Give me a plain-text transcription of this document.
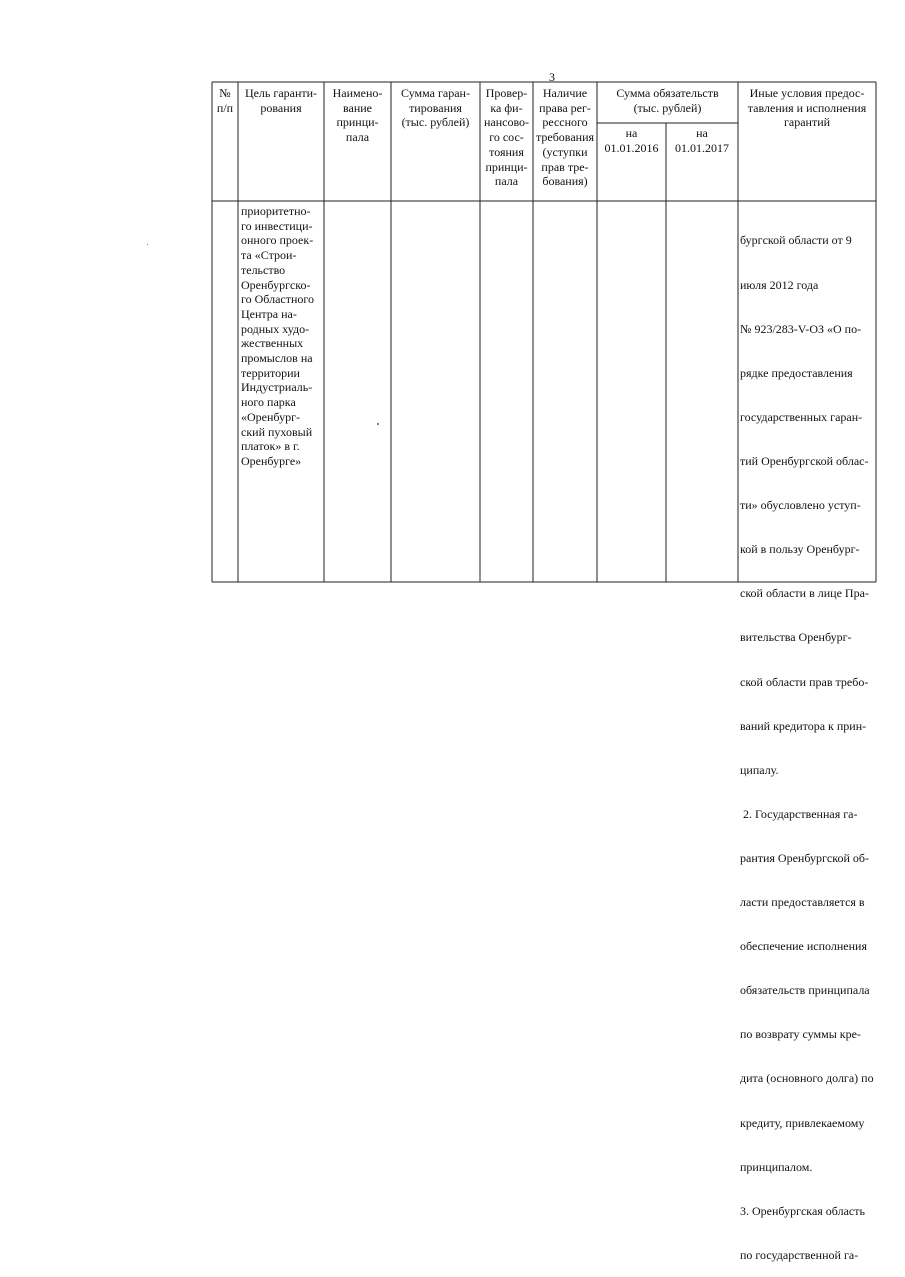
3
№
п/п
Цель гаранти-
рования
Наимено-
вание
принци-
пала
Сумма гаран-
тирования
(тыс. рублей)
Провер-
ка фи-
нансово-
го сос-
тояния
принци-
пала
Наличие
права рег-
рессного
требования
(уступки
прав тре-
бования)
Сумма обязательств
(тыс. рублей)
на
01.01.2016
на
01.01.2017
Иные условия предос-
тавления и исполнения
гарантий
приоритетно-
го инвестици-
онного проек-
та «Строи-
тельство
Оренбургско-
го Областного
Центра на-
родных худо-
жественных
промыслов на
территории
Индустриаль-
ного парка
«Оренбург-
ский пуховый
платок» в г.
Оренбурге»

бургской области от 9

июля 2012 года

№ 923/283-V-ОЗ «О по-

рядке предоставления

государственных гаран-

тий Оренбургской облас-

ти» обусловлено уступ-

кой в пользу Оренбург-

ской области в лице Пра-

вительства Оренбург-

ской области прав требо-

ваний кредитора к прин-

ципалу.

2. Государственная га-

рантия Оренбургской об-

ласти предоставляется в

обеспечение исполнения

обязательств принципала

по возврату суммы кре-

дита (основного долга) по

кредиту, привлекаемому

принципалом.

3. Оренбургская область

по государственной га-
